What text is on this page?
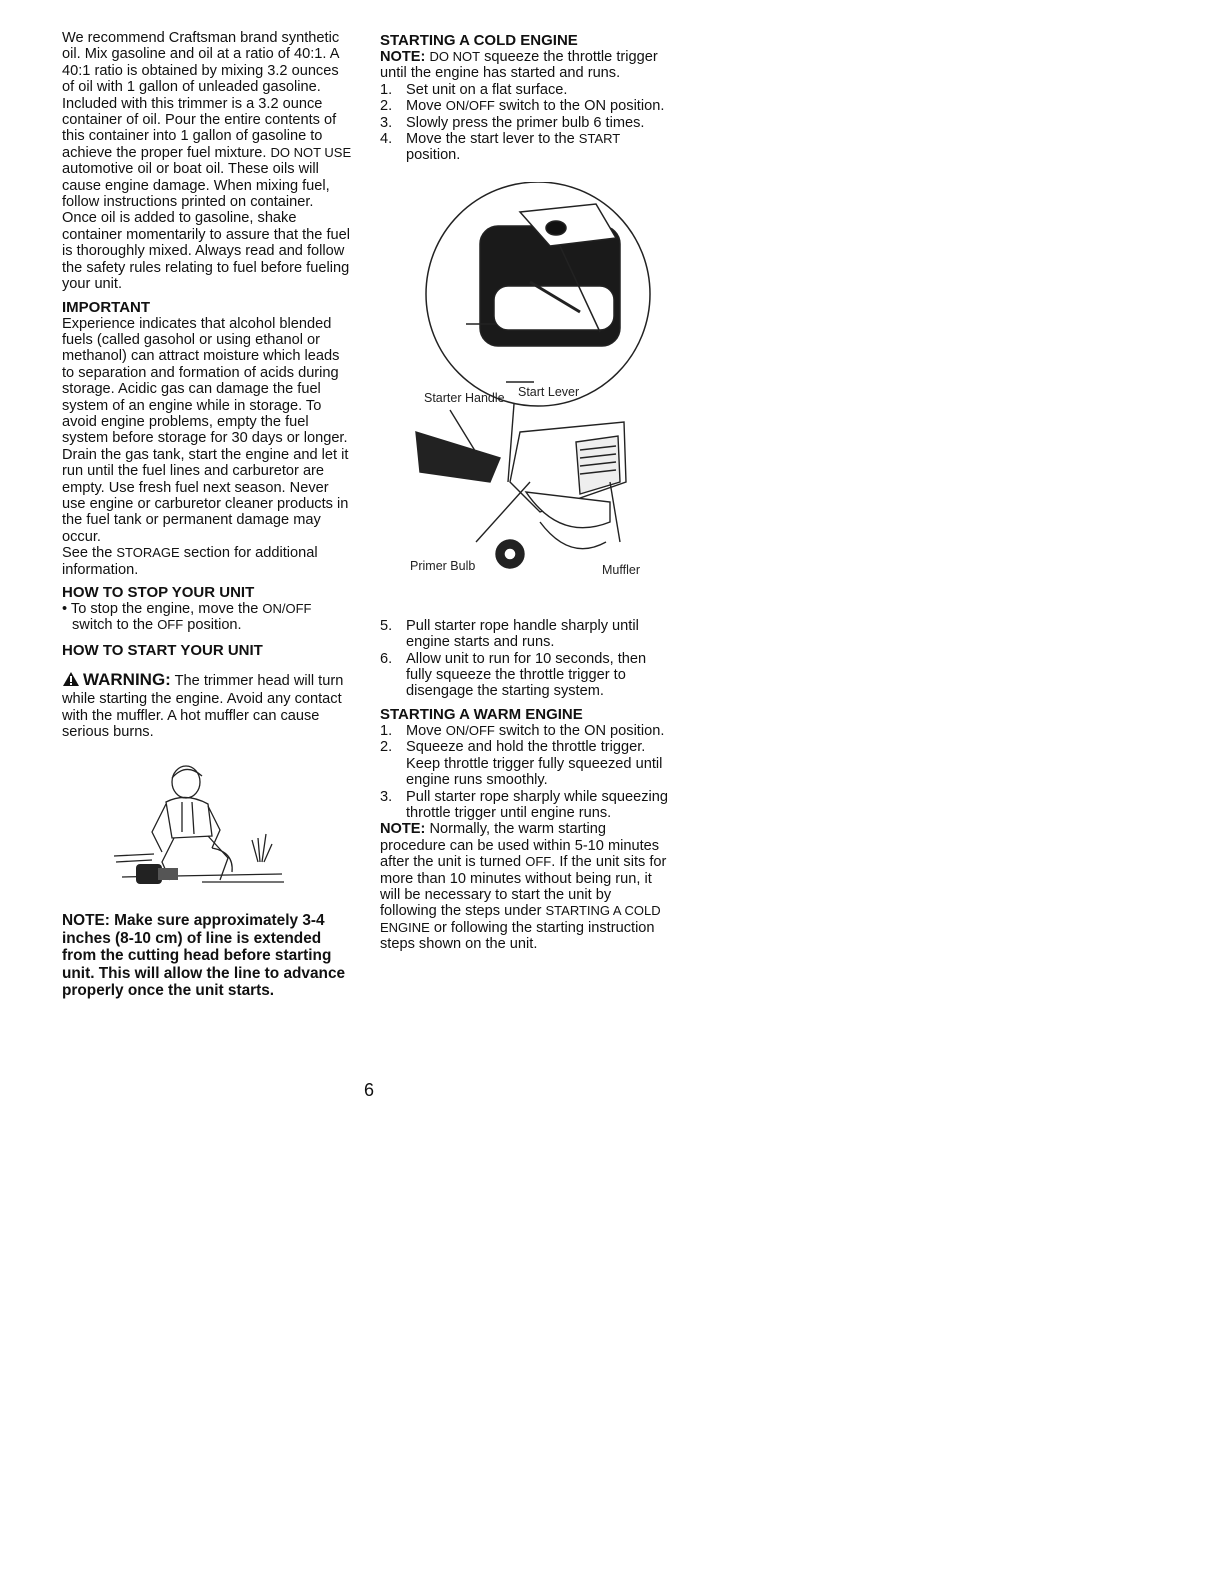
We recommend Craftsman brand synthetic oil. Mix gasoline and oil at a ratio of 40:1. A 40:1 ratio is obtained by mixing 3.2 ounces of oil with 1 gallon of unleaded gasoline. Included with this trimmer is a 3.2 ounce container of oil. Pour the entire contents of this container into 1 gallon of gasoline to achieve the proper fuel mixture. DO NOT USE automotive oil or boat oil. These oils will cause engine damage. When mixing fuel, follow instructions printed on container. Once oil is added to gasoline, shake container momentarily to assure that the fuel is thoroughly mixed. Always read and follow the safety rules relating to fuel before fueling your unit.

IMPORTANT

Experience indicates that alcohol blended fuels (called gasohol or using ethanol or methanol) can attract moisture which leads to separation and formation of acids during storage. Acidic gas can damage the fuel system of an engine while in storage. To avoid engine problems, empty the fuel system before storage for 30 days or longer. Drain the gas tank, start the engine and let it run until the fuel lines and carburetor are empty. Use fresh fuel next season. Never use engine or carburetor cleaner products in the fuel tank or permanent damage may occur.

See the STORAGE section for additional information.

HOW TO STOP YOUR UNIT

• To stop the engine, move the ON/OFF switch to the OFF position.

HOW TO START YOUR UNIT

WARNING: The trimmer head will turn while starting the engine. Avoid any contact with the muffler. A hot muffler can cause serious burns.

NOTE: Make sure approximately 3-4 inches (8-10 cm) of line is extended from the cutting head before starting unit. This will allow the line to advance properly once the unit starts.

STARTING A COLD ENGINE

NOTE: DO NOT squeeze the throttle trigger until the engine has started and runs.

1. Set unit on a flat surface.
2. Move ON/OFF switch to the ON position.
3. Slowly press the primer bulb 6 times.
4. Move the start lever to the START position.
Starter Handle Start Lever
Primer Bulb	Muffler
5. Pull starter rope handle sharply until engine starts and runs.
6. Allow unit to run for 10 seconds, then fully squeeze the throttle trigger to disengage the starting system.
STARTING A WARM ENGINE
1. Move ON/OFF switch to the ON position.
2. Squeeze and hold the throttle trigger. Keep throttle trigger fully squeezed until engine runs smoothly.
3. Pull starter rope sharply while squeezing throttle trigger until engine runs.

NOTE: Normally, the warm starting procedure can be used within 5-10 minutes after the unit is turned OFF. If the unit sits for more than 10 minutes without being run, it will be necessary to start the unit by following the steps under STARTING A COLD ENGINE or following the starting instruction steps shown on the unit.

6
